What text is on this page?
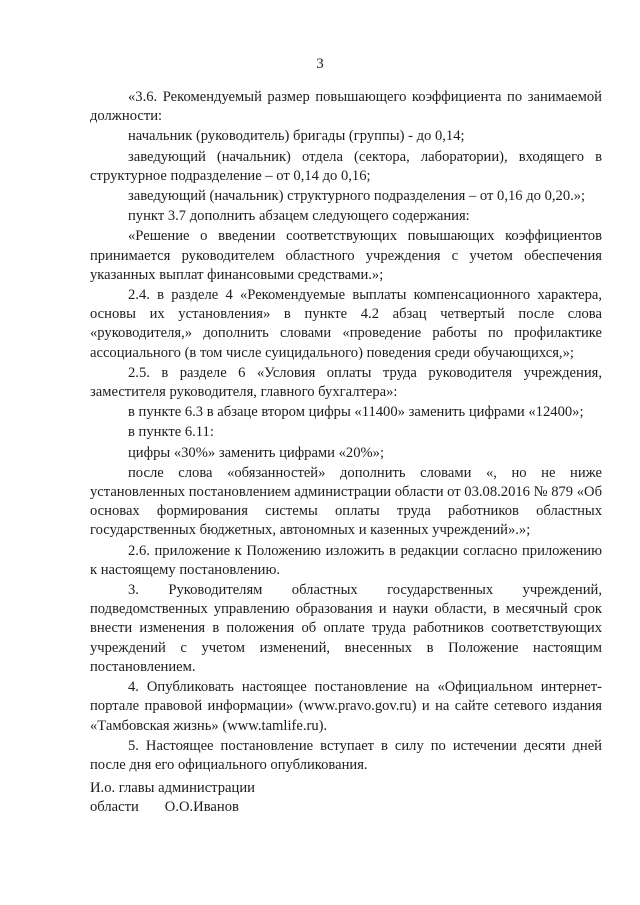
3

«3.6. Рекомендуемый размер повышающего коэффициента по занимаемой должности:

начальник (руководитель) бригады (группы) - до 0,14;

заведующий (начальник) отдела (сектора, лаборатории), входящего в структурное подразделение – от 0,14 до 0,16;

заведующий (начальник) структурного подразделения – от 0,16 до 0,20.»;

пункт 3.7 дополнить абзацем следующего содержания:

«Решение о введении соответствующих повышающих коэффициентов принимается руководителем областного учреждения с учетом обеспечения указанных выплат финансовыми средствами.»;

2.4. в разделе 4 «Рекомендуемые выплаты компенсационного характера, основы их установления» в пункте 4.2 абзац четвертый после слова «руководителя,» дополнить словами «проведение работы по профилактике ассоциального (в том числе суицидального) поведения среди обучающихся,»;

2.5. в разделе 6 «Условия оплаты труда руководителя учреждения, заместителя руководителя, главного бухгалтера»:

в пункте 6.3 в абзаце втором цифры «11400» заменить цифрами «12400»;

в пункте 6.11:

цифры «30%» заменить цифрами «20%»;

после слова «обязанностей» дополнить словами «, но не ниже установленных постановлением администрации области от 03.08.2016 № 879 «Об основах формирования системы оплаты труда работников областных государственных бюджетных, автономных и казенных учреждений».»;

2.6. приложение к Положению изложить в редакции согласно приложению к настоящему постановлению.

3. Руководителям областных государственных учреждений, подведомственных управлению образования и науки области, в месячный срок внести изменения в положения об оплате труда работников соответствующих учреждений с учетом изменений, внесенных в Положение настоящим постановлением.

4. Опубликовать настоящее постановление на «Официальном интернет-портале правовой информации» (www.pravo.gov.ru) и на сайте сетевого издания «Тамбовская жизнь» (www.tamlife.ru).

5. Настоящее постановление вступает в силу по истечении десяти дней после дня его официального опубликования.

И.о. главы администрации
области О.О.Иванов
